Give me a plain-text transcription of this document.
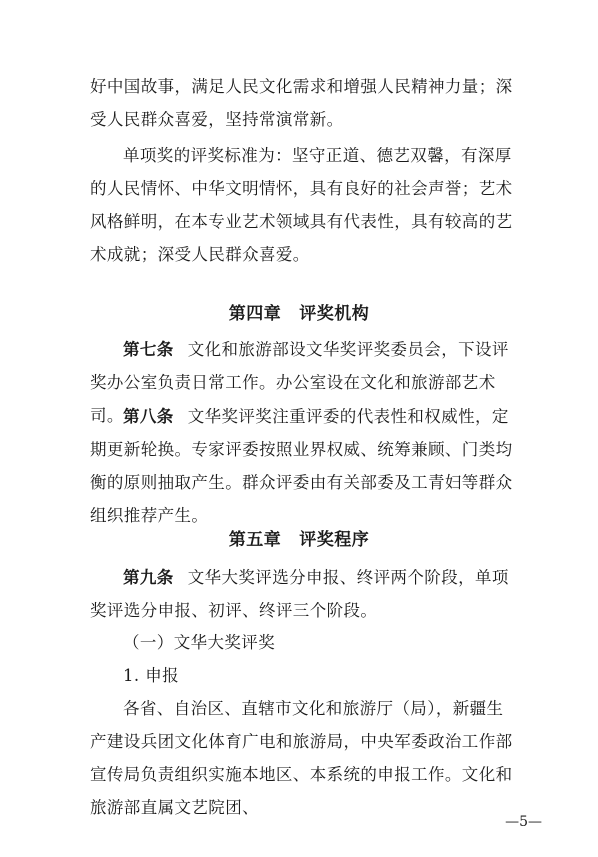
好中国故事，满足人民文化需求和增强人民精神力量；深受人民群众喜爱，坚持常演常新。

单项奖的评奖标准为：坚守正道、德艺双馨，有深厚的人民情怀、中华文明情怀，具有良好的社会声誉；艺术风格鲜明，在本专业艺术领域具有代表性，具有较高的艺术成就；深受人民群众喜爱。

第四章 评奖机构

第七条 文化和旅游部设文华奖评奖委员会，下设评奖办公室负责日常工作。办公室设在文化和旅游部艺术司。 第八条 文华奖评奖注重评委的代表性和权威性，定期更新轮换。专家评委按照业界权威、统筹兼顾、门类均衡的原则抽取产生。群众评委由有关部委及工青妇等群众组织推荐产生。

第五章 评奖程序

第九条 文华大奖评选分申报、终评两个阶段，单项奖评选分申报、初评、终评三个阶段。

（一）文华大奖评奖

1. 申报

各省、自治区、直辖市文化和旅游厅（局），新疆生产建设兵团文化体育广电和旅游局，中央军委政治工作部宣传局负责组织实施本地区、本系统的申报工作。文化和旅游部直属文艺院团、

—5—
